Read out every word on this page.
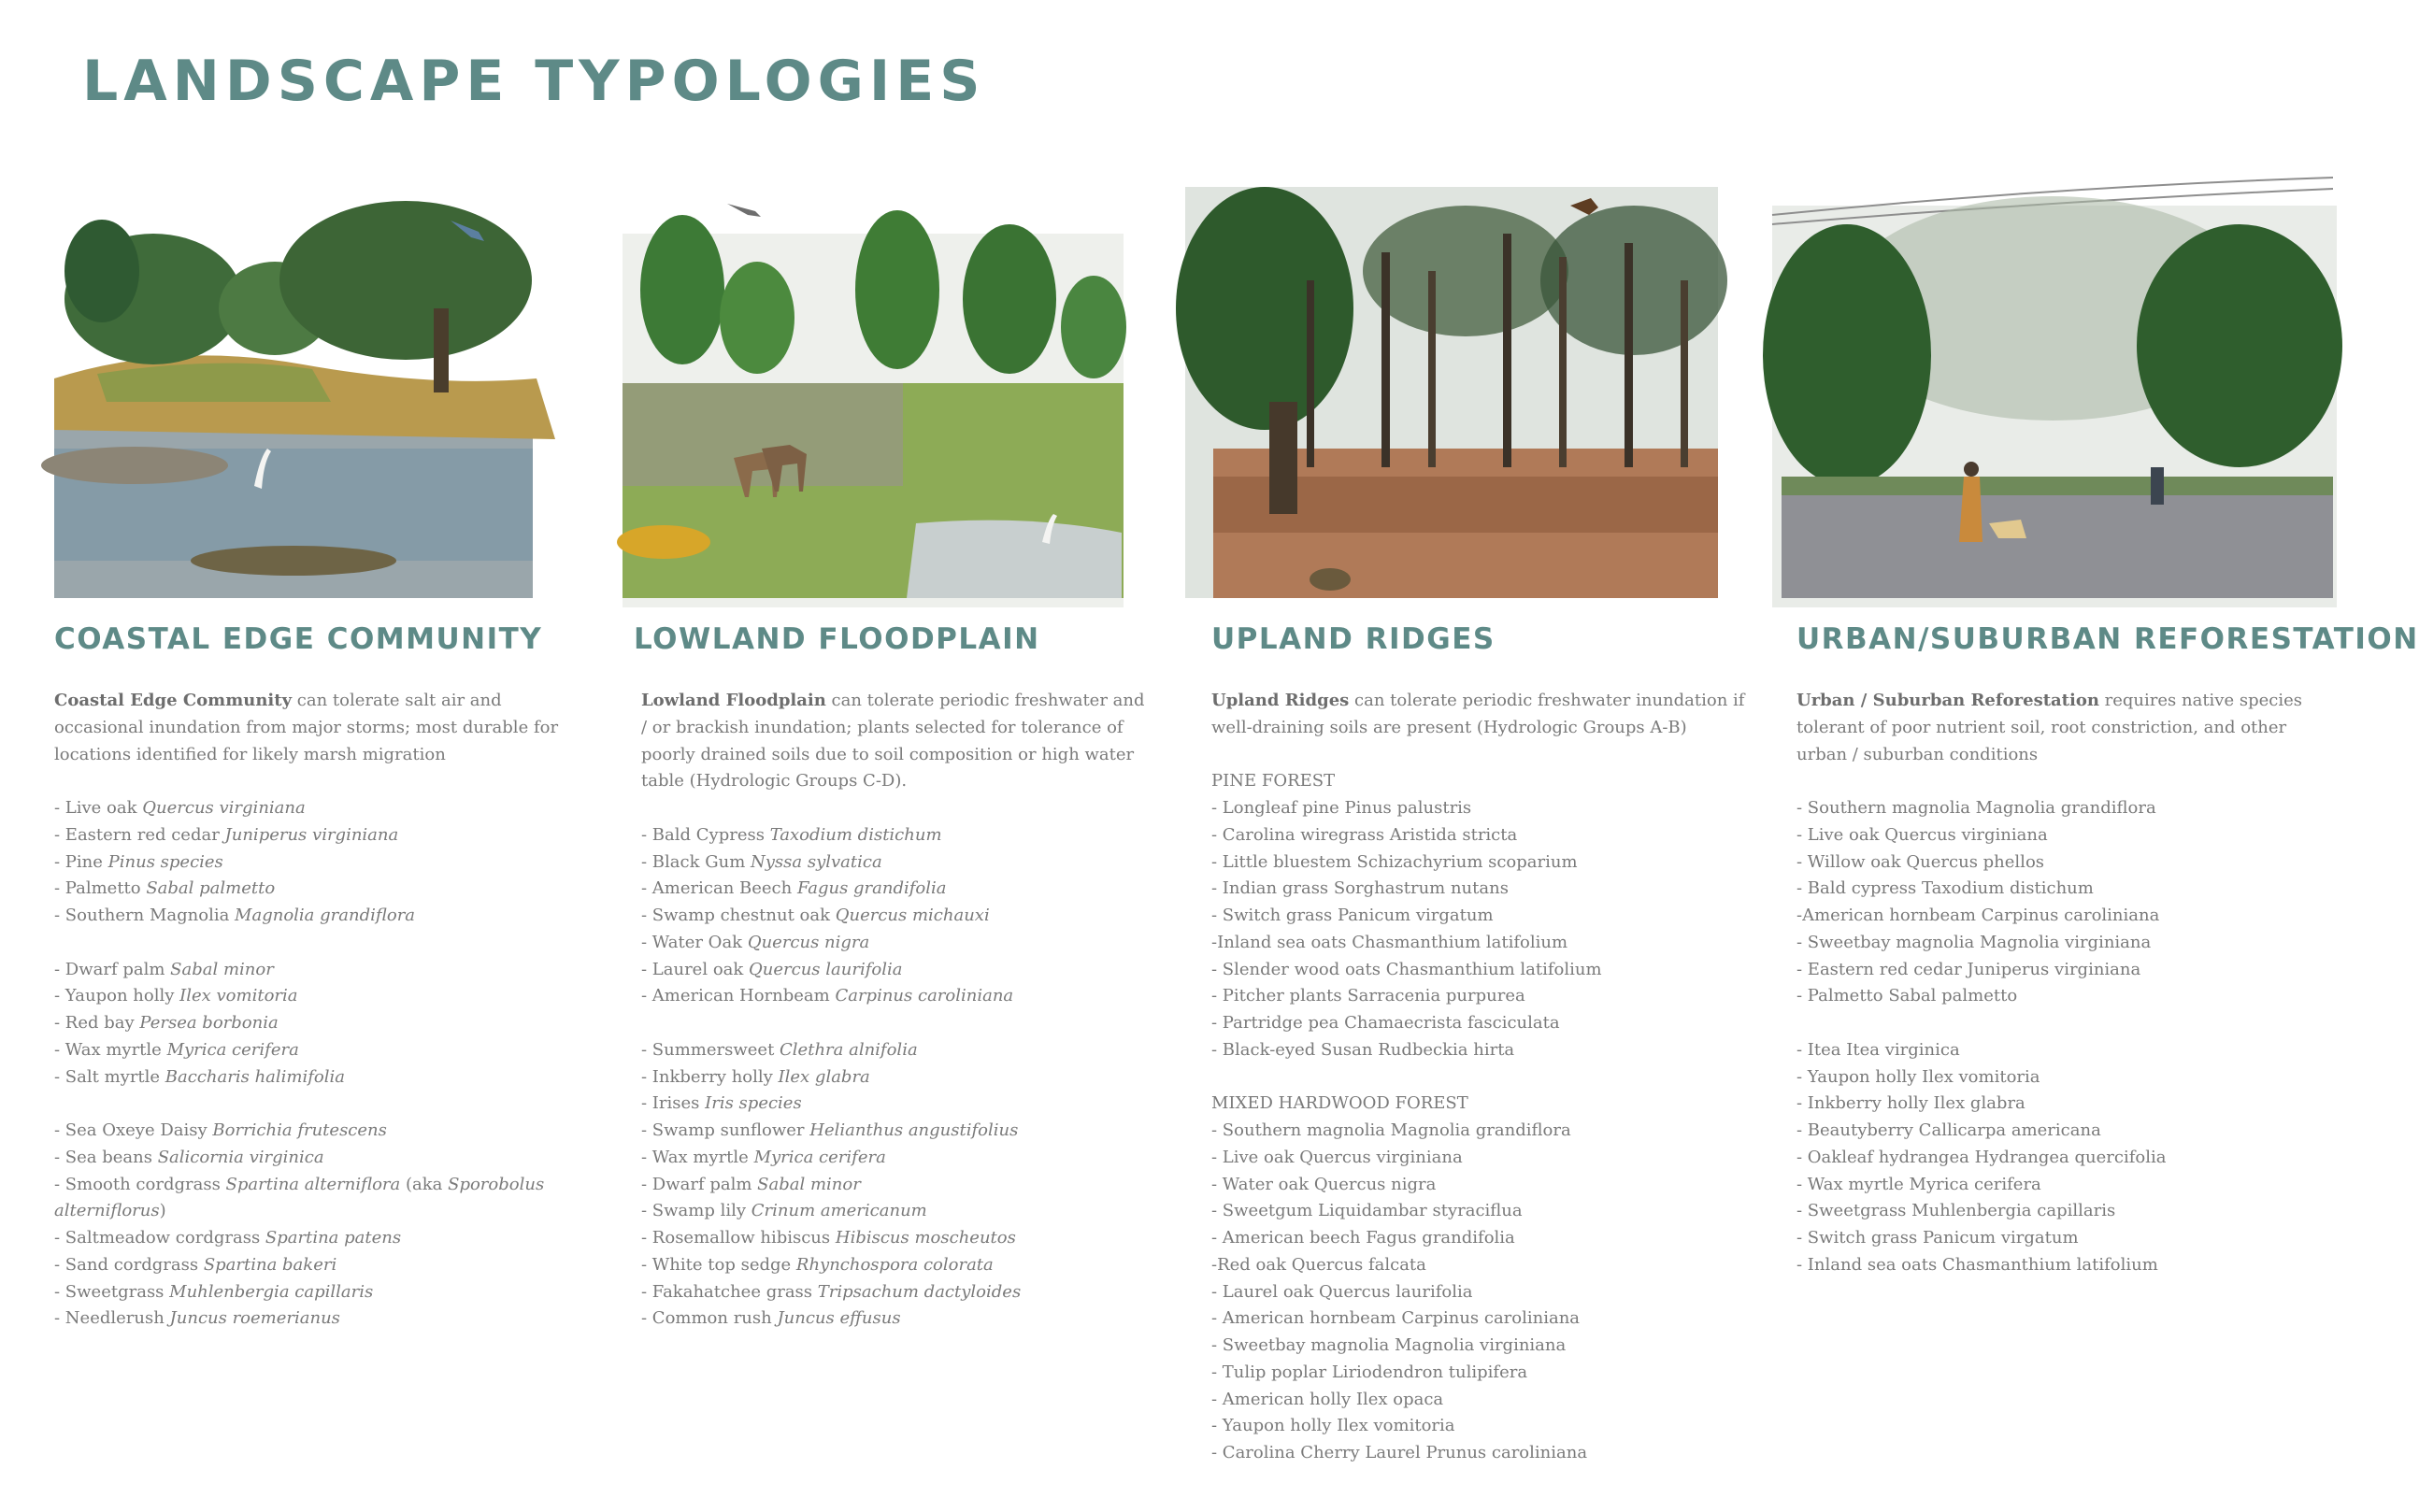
LANDSCAPE TYPOLOGIES
COASTAL EDGE COMMUNITY

Coastal Edge Community can tolerate salt air and occasional inundation from major storms; most durable for locations identified for likely marsh migration

- Live oak Quercus virginiana
- Eastern red cedar Juniperus virginiana
- Pine Pinus species
- Palmetto Sabal palmetto
- Southern Magnolia Magnolia grandiflora
- Dwarf palm Sabal minor
- Yaupon holly Ilex vomitoria
- Red bay Persea borbonia
- Wax myrtle Myrica cerifera
- Salt myrtle Baccharis halimifolia
- Sea Oxeye Daisy Borrichia frutescens
- Sea beans Salicornia virginica
- Smooth cordgrass Spartina alterniflora (aka Sporobolus alterniflorus)
- Saltmeadow cordgrass Spartina patens
- Sand cordgrass Spartina bakeri
- Sweetgrass Muhlenbergia capillaris
- Needlerush Juncus roemerianus
LOWLAND FLOODPLAIN

Lowland Floodplain can tolerate periodic freshwater and / or brackish inundation; plants selected for tolerance of poorly drained soils due to soil composition or high water table (Hydrologic Groups C-D).

- Bald Cypress Taxodium distichum
- Black Gum Nyssa sylvatica
- American Beech Fagus grandifolia
- Swamp chestnut oak Quercus michauxi
- Water Oak Quercus nigra
- Laurel oak Quercus laurifolia
- American Hornbeam Carpinus caroliniana
- Summersweet Clethra alnifolia
- Inkberry holly Ilex glabra
- Irises Iris species
- Swamp sunflower Helianthus angustifolius
- Wax myrtle Myrica cerifera
- Dwarf palm Sabal minor
- Swamp lily Crinum americanum
- Rosemallow hibiscus Hibiscus moscheutos
- White top sedge Rhynchospora colorata
- Fakahatchee grass Tripsachum dactyloides
- Common rush Juncus effusus
UPLAND RIDGES

Upland Ridges can tolerate periodic freshwater inundation if well-draining soils are present (Hydrologic Groups A-B)

PINE FOREST

- Longleaf pine Pinus palustris
- Carolina wiregrass Aristida stricta
- Little bluestem Schizachyrium scoparium
- Indian grass Sorghastrum nutans
- Switch grass Panicum virgatum
-Inland sea oats Chasmanthium latifolium
- Slender wood oats Chasmanthium latifolium
- Pitcher plants Sarracenia purpurea
- Partridge pea Chamaecrista fasciculata
- Black-eyed Susan Rudbeckia hirta

MIXED HARDWOOD FOREST

- Southern magnolia Magnolia grandiflora
- Live oak Quercus virginiana
- Water oak Quercus nigra
- Sweetgum Liquidambar styraciflua
- American beech Fagus grandifolia
-Red oak Quercus falcata
- Laurel oak Quercus laurifolia
- American hornbeam Carpinus caroliniana
- Sweetbay magnolia Magnolia virginiana
- Tulip poplar Liriodendron tulipifera
- American holly Ilex opaca
- Yaupon holly Ilex vomitoria
- Carolina Cherry Laurel Prunus caroliniana
URBAN/SUBURBAN REFORESTATION

Urban / Suburban Reforestation requires native species tolerant of poor nutrient soil, root constriction, and other urban / suburban conditions

- Southern magnolia Magnolia grandiflora
- Live oak Quercus virginiana
- Willow oak Quercus phellos
- Bald cypress Taxodium distichum
-American hornbeam Carpinus caroliniana
- Sweetbay magnolia Magnolia virginiana
- Eastern red cedar Juniperus virginiana
- Palmetto Sabal palmetto
- Itea Itea virginica
- Yaupon holly Ilex vomitoria
- Inkberry holly Ilex glabra
- Beautyberry Callicarpa americana
- Oakleaf hydrangea Hydrangea quercifolia
- Wax myrtle Myrica cerifera
- Sweetgrass Muhlenbergia capillaris
- Switch grass Panicum virgatum
- Inland sea oats Chasmanthium latifolium
